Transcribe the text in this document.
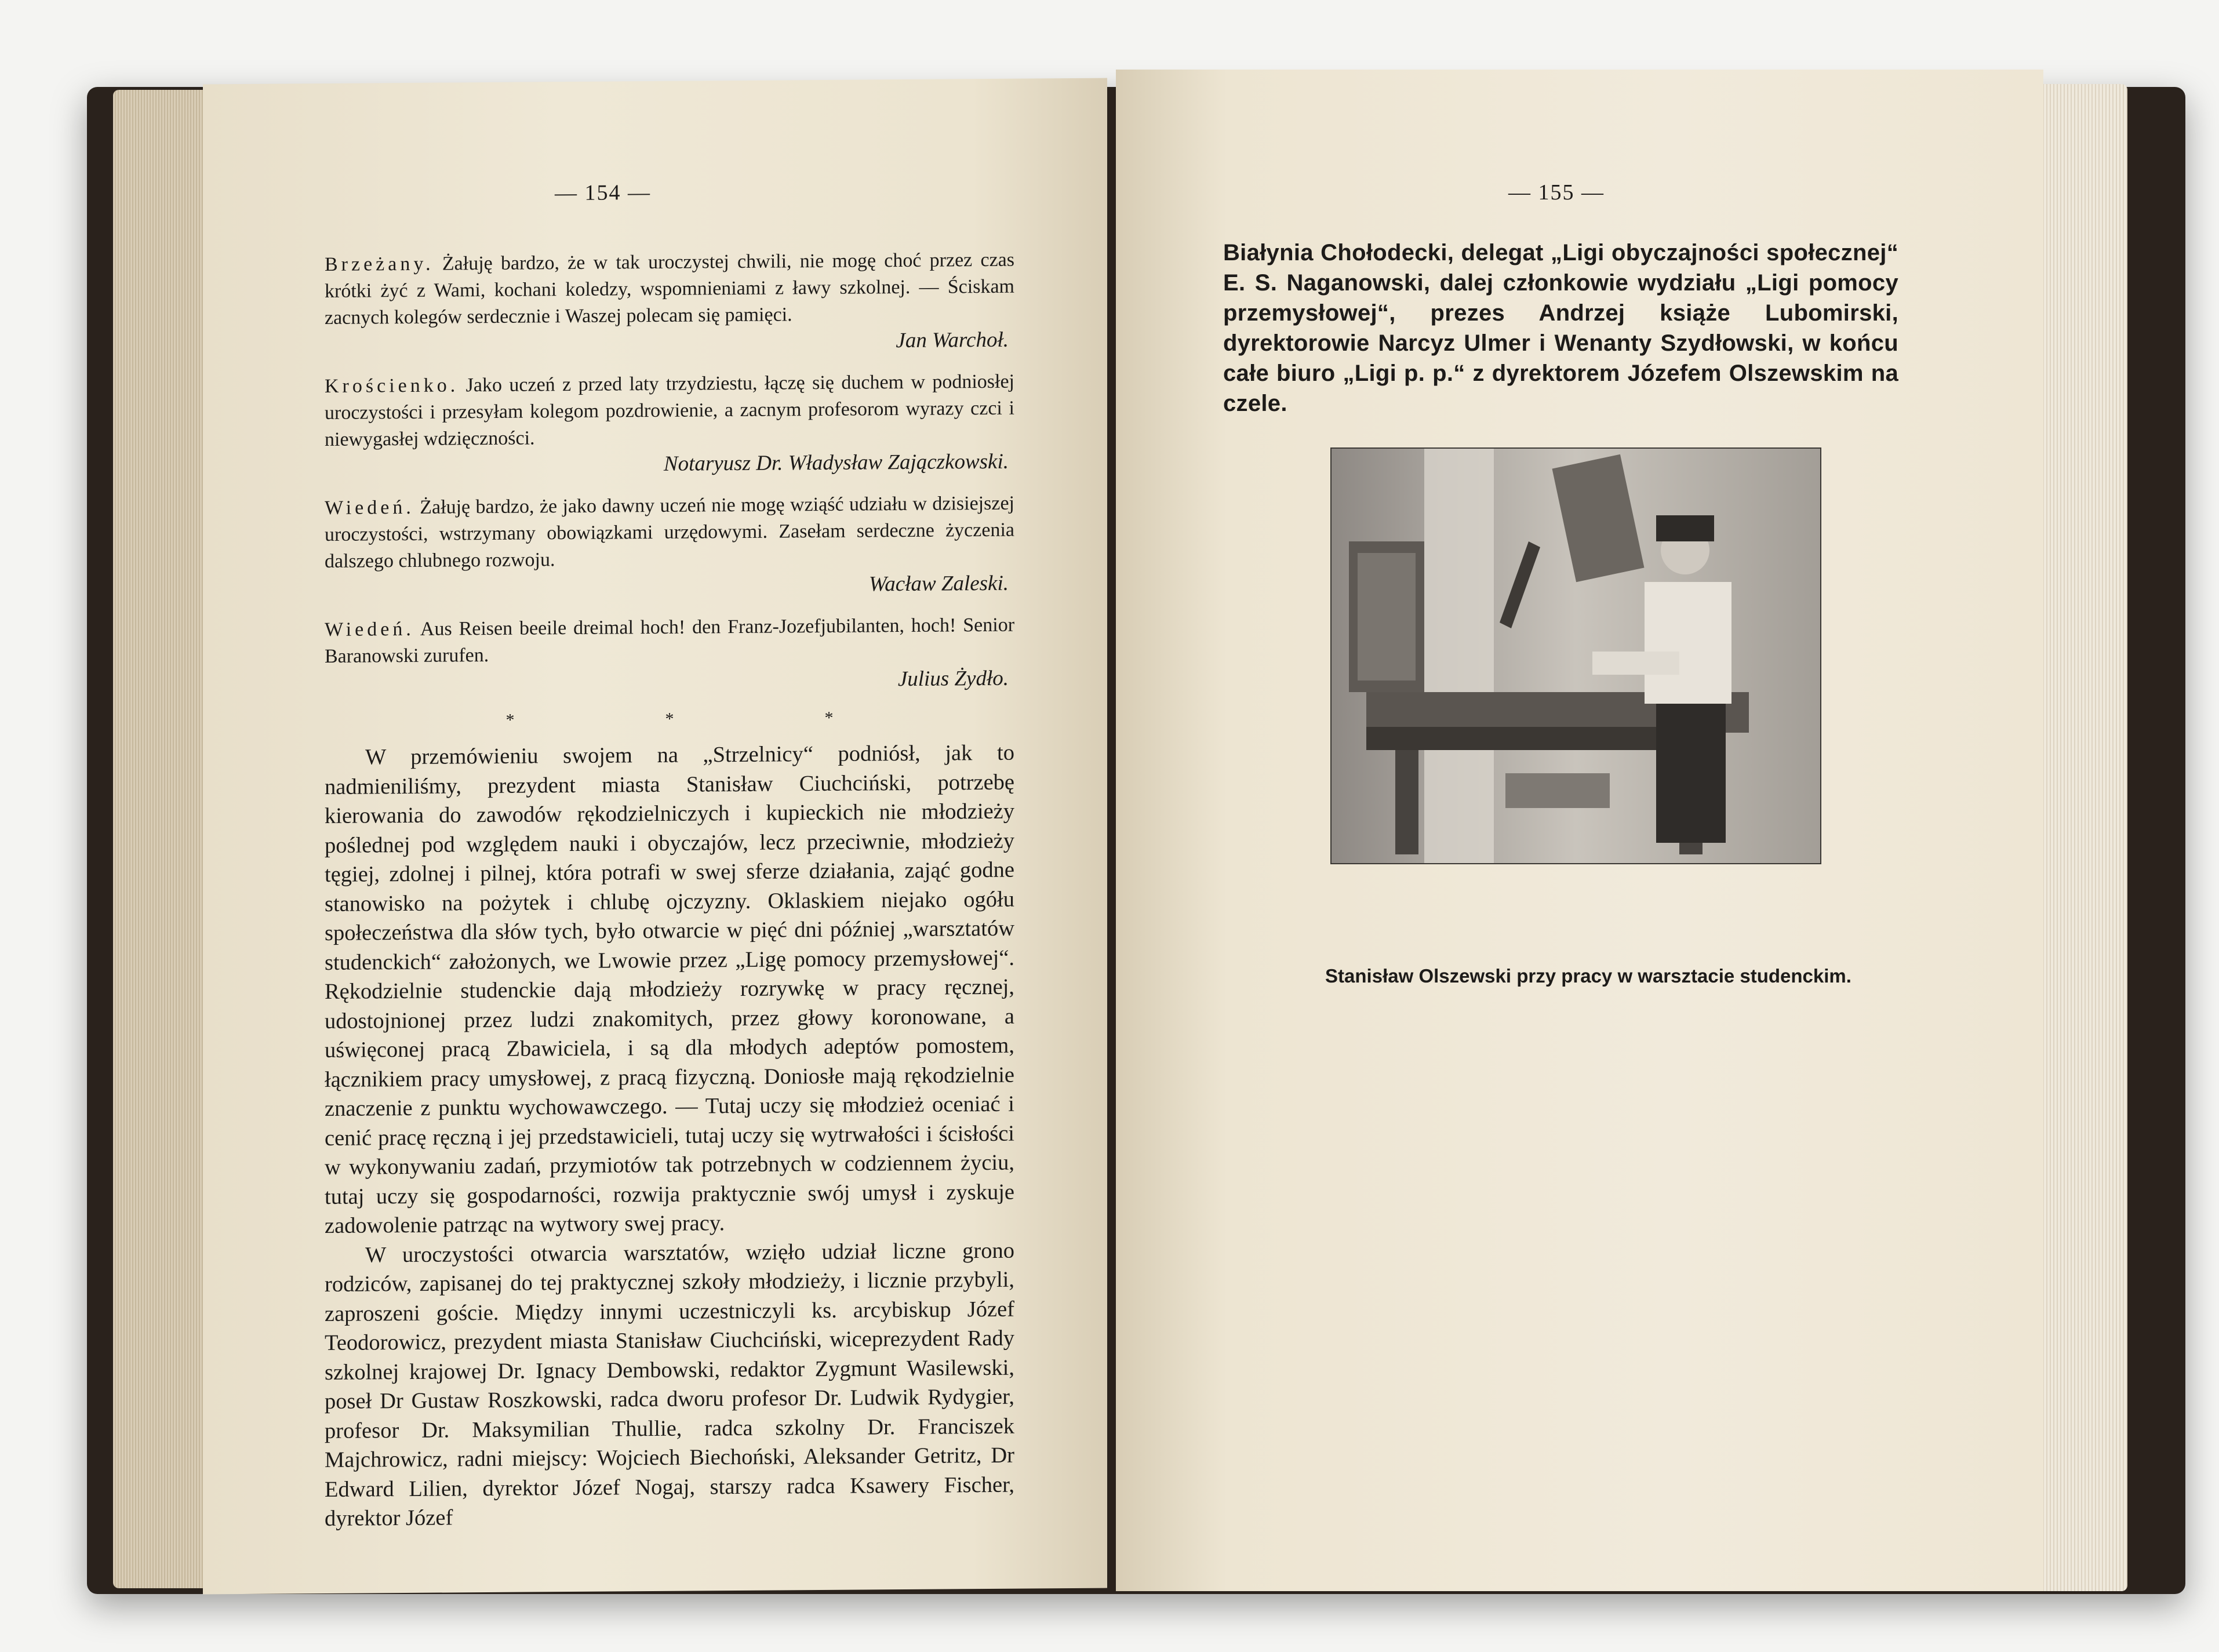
— 154 —
Brzeżany. Żałuję bardzo, że w tak uroczystej chwili, nie mogę choć przez czas krótki żyć z Wami, kochani koledzy, wspomnieniami z ławy szkolnej. — Ściskam zacnych kolegów serdecznie i Waszej polecam się pamięci.
Jan Warchoł.
Krościenko. Jako uczeń z przed laty trzydziestu, łączę się duchem w podniosłej uroczystości i przesyłam kolegom pozdrowienie, a zacnym profesorom wyrazy czci i niewygasłej wdzięczności.
Notaryusz Dr. Władysław Zajączkowski.
Wiedeń. Żałuję bardzo, że jako dawny uczeń nie mogę wziąść udziału w dzisiejszej uroczystości, wstrzymany obowiązkami urzędowymi. Zasełam serdeczne życzenia dalszego chlubnego rozwoju.
Wacław Zaleski.
Wiedeń. Aus Reisen beeile dreimal hoch! den Franz-Jozefjubilanten, hoch! Senior Baranowski zurufen.
Julius Żydło.
*	*	*

W przemówieniu swojem na „Strzelnicy“ podniósł, jak to nadmieniliśmy, prezydent miasta Stanisław Ciuchciński, potrzebę kierowania do zawodów rękodzielniczych i kupieckich nie młodzieży poślednej pod względem nauki i obyczajów, lecz przeciwnie, młodzieży tęgiej, zdolnej i pilnej, która potrafi w swej sferze działania, zająć godne stanowisko na pożytek i chlubę ojczyzny. Oklaskiem niejako ogółu społeczeństwa dla słów tych, było otwarcie w pięć dni później „warsztatów studenckich“ założonych, we Lwowie przez „Ligę pomocy przemysłowej“. Rękodzielnie studenckie dają młodzieży rozrywkę w pracy ręcznej, udostojnionej przez ludzi znakomitych, przez głowy koronowane, a uświęconej pracą Zbawiciela, i są dla młodych adeptów pomostem, łącznikiem pracy umysłowej, z pracą fizyczną. Doniosłe mają rękodzielnie znaczenie z punktu wychowawczego. — Tutaj uczy się młodzież oceniać i cenić pracę ręczną i jej przedstawicieli, tutaj uczy się wytrwałości i ścisłości w wykonywaniu zadań, przymiotów tak potrzebnych w codziennem życiu, tutaj uczy się gospodarności, rozwija praktycznie swój umysł i zyskuje zadowolenie patrząc na wytwory swej pracy.

W uroczystości otwarcia warsztatów, wzięło udział liczne grono rodziców, zapisanej do tej praktycznej szkoły młodzieży, i licznie przybyli, zaproszeni goście. Między innymi uczestniczyli ks. arcybiskup Józef Teodorowicz, prezydent miasta Stanisław Ciuchciński, wiceprezydent Rady szkolnej krajowej Dr. Ignacy Dembowski, redaktor Zygmunt Wasilewski, poseł Dr Gustaw Roszkowski, radca dworu profesor Dr. Ludwik Rydygier, profesor Dr. Maksymilian Thullie, radca szkolny Dr. Franciszek Majchrowicz, radni miejscy: Wojciech Biechoński, Aleksander Getritz, Dr Edward Lilien, dyrektor Józef Nogaj, starszy radca Ksawery Fischer, dyrektor Józef

— 155 —

Białynia Chołodecki, delegat „Ligi obyczajności społecznej“ E. S. Naganowski, dalej członkowie wydziału „Ligi pomocy przemysłowej“, prezes Andrzej książe Lubomirski, dyrektorowie Narcyz Ulmer i Wenanty Szydłowski, w końcu całe biuro „Ligi p. p.“ z dyrektorem Józefem Olszewskim na czele.

Stanisław Olszewski przy pracy w warsztacie studenckim.
